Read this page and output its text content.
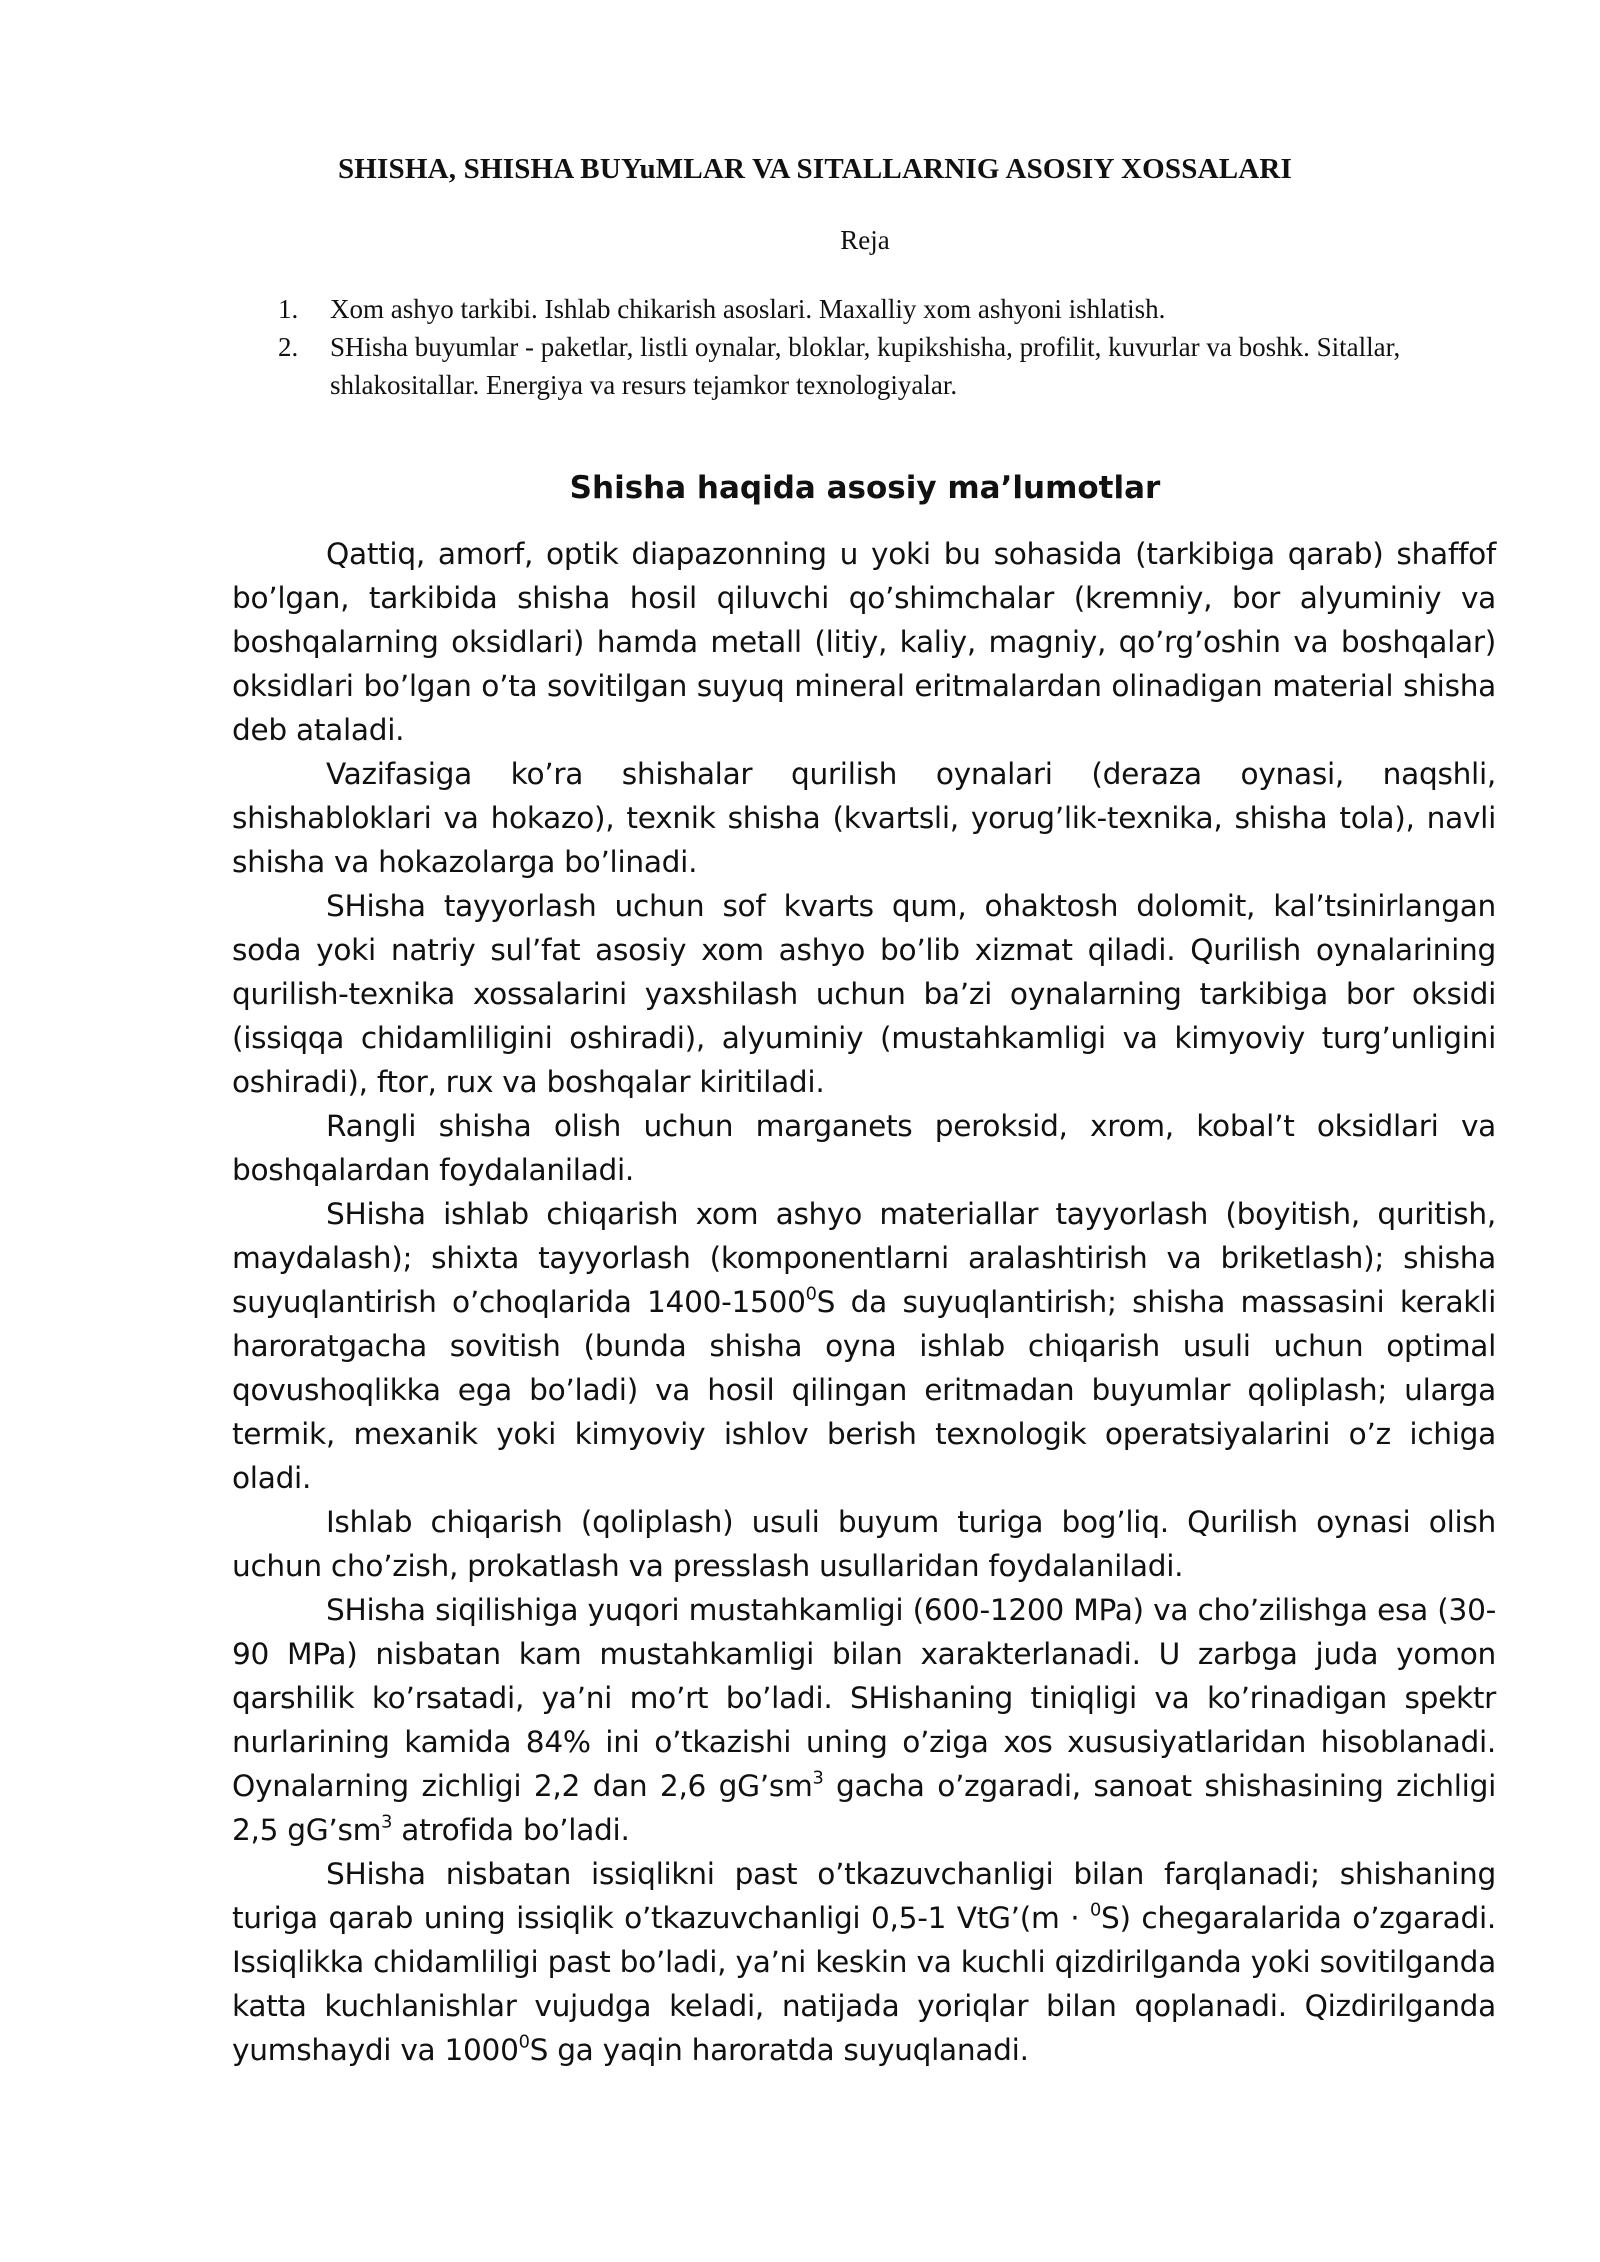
SHISHA, SHISHA BUYuMLAR VA SITALLARNIG ASOSIY XOSSALARI
Reja
1. Xom ashyo tarkibi. Ishlab chikarish asoslari. Maxalliy xom ashyoni ishlatish.
2. SHisha buyumlar - paketlar, listli oynalar, bloklar, kupikshisha, profilit, kuvurlar va boshk. Sitallar, shlakositallar. Energiya va resurs tejamkor texnologiyalar.
Shisha haqida asosiy ma’lumotlar

Qattiq, amorf, optik diapazonning u yoki bu sohasida (tarkibiga qarab) shaffof bo’lgan, tarkibida shisha hosil qiluvchi qo’shimchalar (kremniy, bor alyuminiy va boshqalarning oksidlari) hamda metall (litiy, kaliy, magniy, qo’rg’oshin va boshqalar) oksidlari bo’lgan o’ta sovitilgan suyuq mineral eritmalardan olinadigan material shisha deb ataladi.

Vazifasiga ko’ra shishalar qurilish oynalari (deraza oynasi, naqshli, shishabloklari va hokazo), texnik shisha (kvartsli, yorug’lik-texnika, shisha tola), navli shisha va hokazolarga bo’linadi.

SHisha tayyorlash uchun sof kvarts qum, ohaktosh dolomit, kal’tsinirlangan soda yoki natriy sul’fat asosiy xom ashyo bo’lib xizmat qiladi. Qurilish oynalarining qurilish-texnika xossalarini yaxshilash uchun ba’zi oynalarning tarkibiga bor oksidi (issiqqa chidamliligini oshiradi), alyuminiy (mustahkamligi va kimyoviy turg’unligini oshiradi), ftor, rux va boshqalar kiritiladi.

Rangli shisha olish uchun marganets peroksid, xrom, kobal’t oksidlari va boshqalardan foydalaniladi.

SHisha ishlab chiqarish xom ashyo materiallar tayyorlash (boyitish, quritish, maydalash); shixta tayyorlash (komponentlarni aralashtirish va briketlash); shisha suyuqlantirish o’choqlarida 1400-1500$^0$S da suyuqlantirish; shisha massasini kerakli haroratgacha sovitish (bunda shisha oyna ishlab chiqarish usuli uchun optimal qovushoqlikka ega bo’ladi) va hosil qilingan eritmadan buyumlar qoliplash; ularga termik, mexanik yoki kimyoviy ishlov berish texnologik operatsiyalarini o’z ichiga oladi.

Ishlab chiqarish (qoliplash) usuli buyum turiga bog’liq. Qurilish oynasi olish uchun cho’zish, prokatlash va presslash usullaridan foydalaniladi.

SHisha siqilishiga yuqori mustahkamligi (600-1200 MPa) va cho’zilishga esa (30-90 MPa) nisbatan kam mustahkamligi bilan xarakterlanadi. U zarbga juda yomon qarshilik ko’rsatadi, ya’ni mo’rt bo’ladi. SHishaning tiniqligi va ko’rinadigan spektr nurlarining kamida 84% ini o’tkazishi uning o’ziga xos xususiyatlaridan hisoblanadi. Oynalarning zichligi 2,2 dan 2,6 $gG’sm^3$ gacha o’zgaradi, sanoat shishasining zichligi 2,5 $gG’sm^3$ atrofida bo’ladi.

SHisha nisbatan issiqlikni past o’tkazuvchanligi bilan farqlanadi; shishaning turiga qarab uning issiqlik o’tkazuvchanligi 0,5-1 VtG’(m · $^0$S) chegaralarida o’zgaradi. Issiqlikka chidamliligi past bo’ladi, ya’ni keskin va kuchli qizdirilganda yoki sovitilganda katta kuchlanishlar vujudga keladi, natijada yoriqlar bilan qoplanadi. Qizdirilganda yumshaydi va 1000$^0$S ga yaqin haroratda suyuqlanadi.
